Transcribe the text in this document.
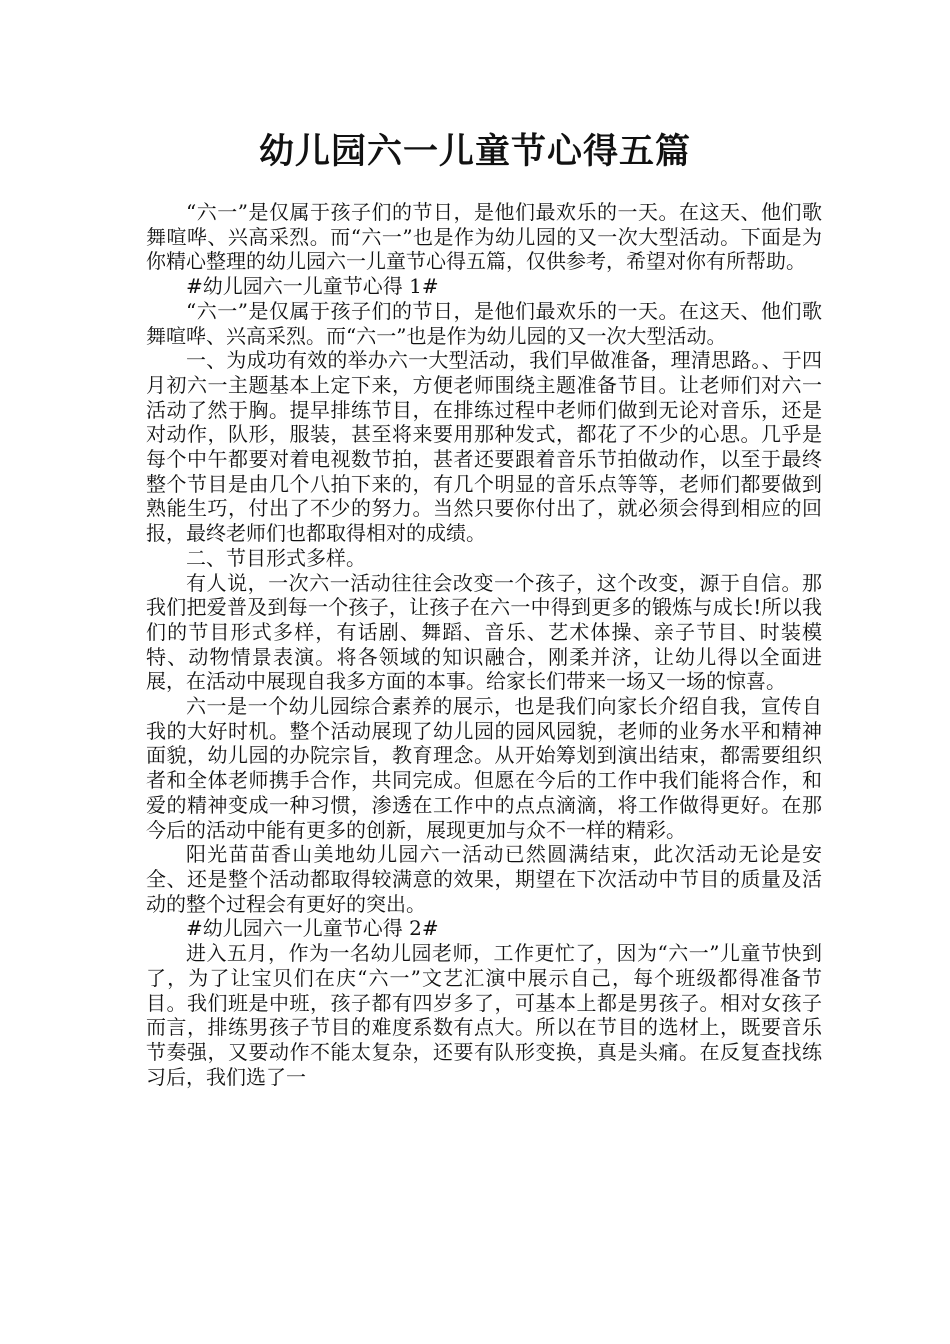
幼儿园六一儿童节心得五篇

“六一”是仅属于孩子们的节日，是他们最欢乐的一天。在这天、他们歌舞喧哗、兴高采烈。而“六一”也是作为幼儿园的又一次大型活动。下面是为你精心整理的幼儿园六一儿童节心得五篇，仅供参考，希望对你有所帮助。

#幼儿园六一儿童节心得 1#

“六一”是仅属于孩子们的节日，是他们最欢乐的一天。在这天、他们歌舞喧哗、兴高采烈。而“六一”也是作为幼儿园的又一次大型活动。

一、为成功有效的举办六一大型活动，我们早做准备，理清思路。、于四月初六一主题基本上定下来，方便老师围绕主题准备节目。让老师们对六一活动了然于胸。提早排练节目，在排练过程中老师们做到无论对音乐，还是对动作，队形，服装，甚至将来要用那种发式，都花了不少的心思。几乎是每个中午都要对着电视数节拍，甚者还要跟着音乐节拍做动作，以至于最终整个节目是由几个八拍下来的，有几个明显的音乐点等等，老师们都要做到熟能生巧，付出了不少的努力。当然只要你付出了，就必须会得到相应的回报，最终老师们也都取得相对的成绩。

二、节目形式多样。

有人说，一次六一活动往往会改变一个孩子，这个改变，源于自信。那我们把爱普及到每一个孩子，让孩子在六一中得到更多的锻炼与成长!所以我们的节目形式多样，有话剧、舞蹈、音乐、艺术体操、亲子节目、时装模特、动物情景表演。将各领域的知识融合，刚柔并济，让幼儿得以全面进展，在活动中展现自我多方面的本事。给家长们带来一场又一场的惊喜。

六一是一个幼儿园综合素养的展示，也是我们向家长介绍自我，宣传自我的大好时机。整个活动展现了幼儿园的园风园貌，老师的业务水平和精神面貌，幼儿园的办院宗旨，教育理念。从开始筹划到演出结束，都需要组织者和全体老师携手合作，共同完成。但愿在今后的工作中我们能将合作，和爱的精神变成一种习惯，渗透在工作中的点点滴滴，将工作做得更好。在那今后的活动中能有更多的创新，展现更加与众不一样的精彩。

阳光苗苗香山美地幼儿园六一活动已然圆满结束，此次活动无论是安全、还是整个活动都取得较满意的效果，期望在下次活动中节目的质量及活动的整个过程会有更好的突出。

#幼儿园六一儿童节心得 2#

进入五月，作为一名幼儿园老师，工作更忙了，因为“六一”儿童节快到了，为了让宝贝们在庆“六一”文艺汇演中展示自己，每个班级都得准备节目。我们班是中班，孩子都有四岁多了，可基本上都是男孩子。相对女孩子而言，排练男孩子节目的难度系数有点大。所以在节目的选材上，既要音乐节奏强，又要动作不能太复杂，还要有队形变换，真是头痛。在反复查找练习后，我们选了一
